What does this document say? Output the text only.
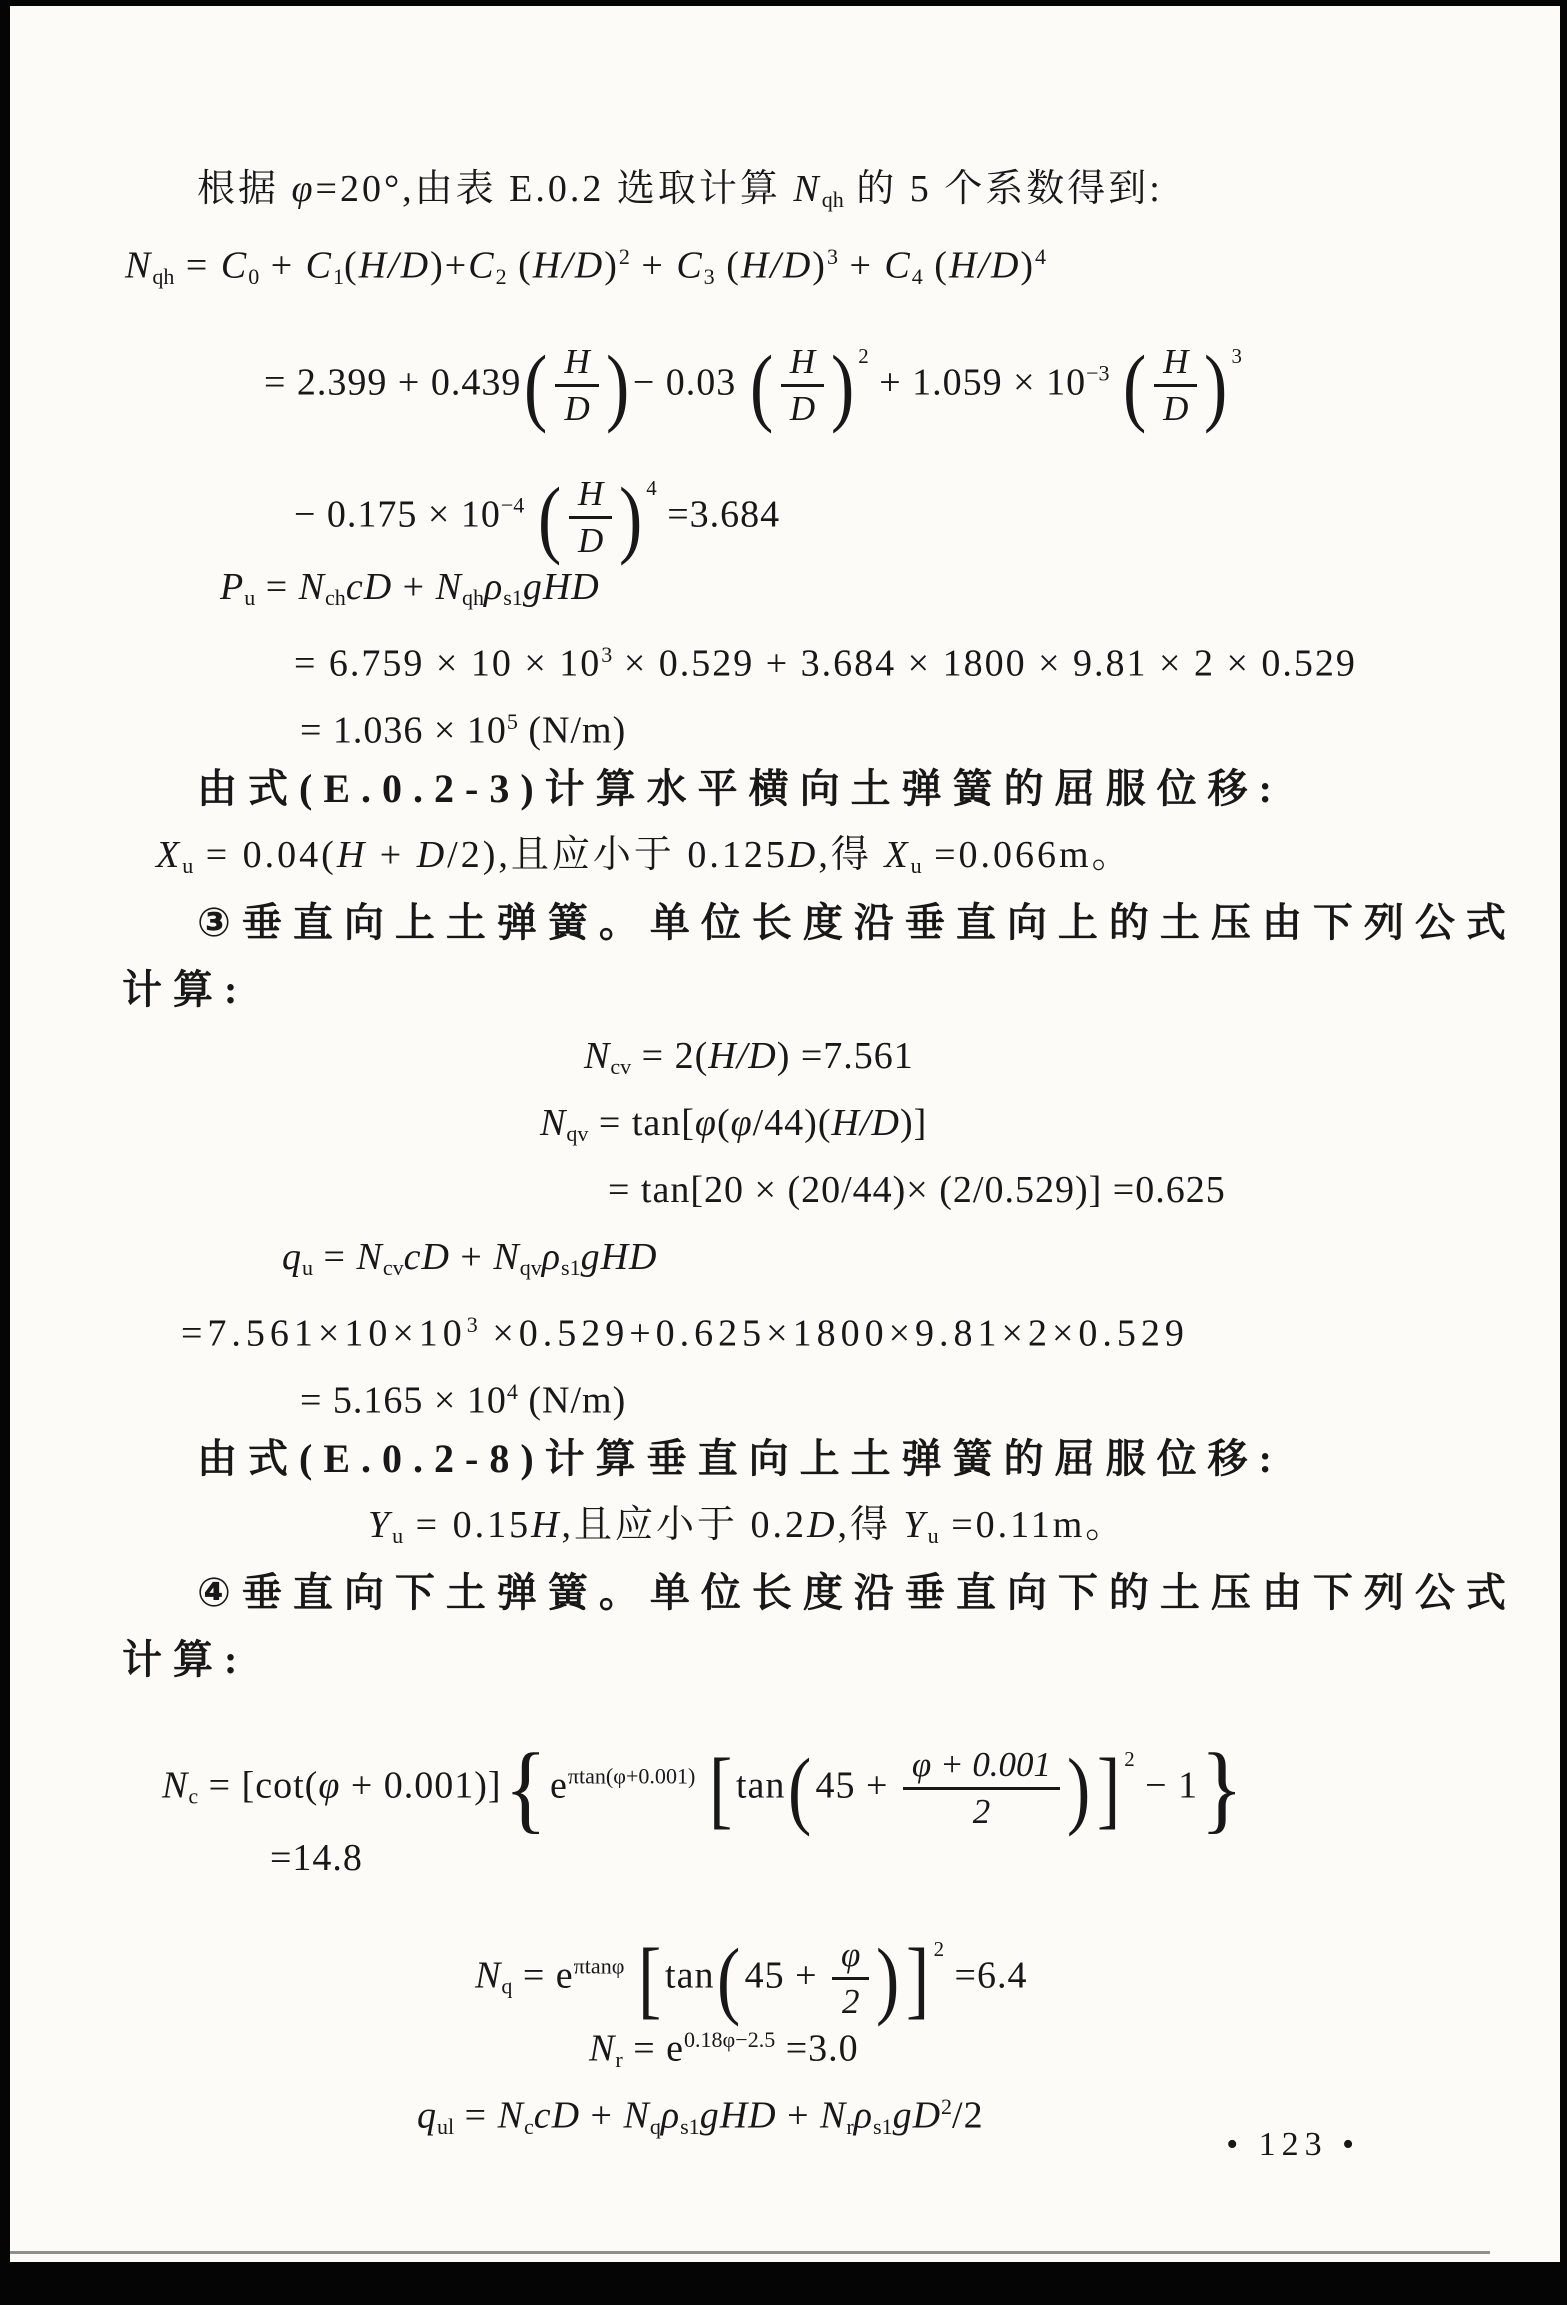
根据 φ=20°,由表 E.0.2 选取计算 Nqh 的 5 个系数得到:
Nqh = C0 + C1(H/D)+C2 $(H/D)^2 + C3$ $(H/D)^3 + C4$ $(H/D)^4$
= $2.399 + 0.439( \frac{H}{D}$ )− 0.03 ( $\frac{H}{D}$ ) $^2 + 1.059 \times 10^{-3}$ ( $\frac{H}{D}$ ) $^3$
− $0.175 \times 10^{-4}$ ( $\frac{H}{D}$ ) $^4$ =3.684
Pu = NchcD + Nqhρs1gHD
= $6.759 \times 10 \times 10^3 \times 0.529 + 3.684 \times 1800 \times 9.81 \times 2 \times 0.529$
= $1.036 \times 10^5$ (N/m)
由式(E.0.2-3)计算水平横向土弹簧的屈服位移:
Xu = 0.04(H + D/2),且应小于 0.125D,得 Xu =0.066m。
③垂直向上土弹簧。单位长度沿垂直向上的土压由下列公式
计算:
Ncv = 2(H/D) =7.561
Nqv = tan[φ(φ/44)(H/D)]
= tan[20 × (20/44)× (2/0.529)] =0.625
qu = NcvcD + Nqvρs1gHD
$=7.561\times 10\times 10^3 \times 0.529+0.625\times 1800\times 9.81\times 2\times 0.529$
= $5.165 \times 10^4$ (N/m)
由式(E.0.2-8)计算垂直向上土弹簧的屈服位移:
Yu = 0.15H,且应小于 0.2D,得 Yu =0.11m。
④垂直向下土弹簧。单位长度沿垂直向下的土压由下列公式
计算:
$Nc = [\cot(\varphi + 0.001)]\{e^{\pi tan(\varphi+0.001)}$ [$\tan(45 + \frac{\varphi + 0.001}{2}$ )] $^2$ − 1}
=14.8
$Nq = e^{\pi tan\varphi}$ [$\tan(45 + \frac{\varphi}{2}$ )] $^2$ =6.4
$Nr = e^{0.18\varphi-2.5} =3.0$
qul = NccD + $Nq\rho s1gHD + Nr\rho s1gD^2/2$
• 123 •
